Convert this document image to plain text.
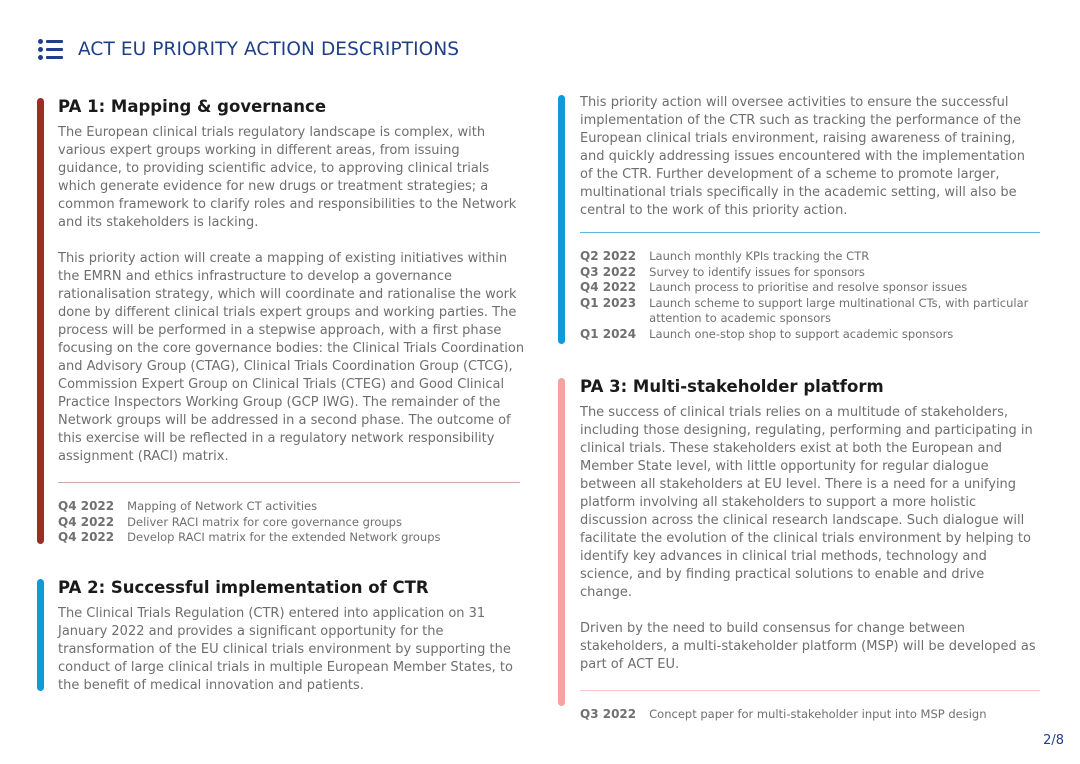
ACT EU PRIORITY ACTION DESCRIPTIONS
PA 1: Mapping & governance

The European clinical trials regulatory landscape is complex, with various expert groups working in different areas, from issuing guidance, to providing scientific advice, to approving clinical trials which generate evidence for new drugs or treatment strategies; a common framework to clarify roles and responsibilities to the Network and its stakeholders is lacking.

This priority action will create a mapping of existing initiatives within the EMRN and ethics infrastructure to develop a governance rationalisation strategy, which will coordinate and rationalise the work done by different clinical trials expert groups and working parties. The process will be performed in a stepwise approach, with a first phase focusing on the core governance bodies: the Clinical Trials Coordination and Advisory Group (CTAG), Clinical Trials Coordination Group (CTCG), Commission Expert Group on Clinical Trials (CTEG) and Good Clinical Practice Inspectors Working Group (GCP IWG). The remainder of the Network groups will be addressed in a second phase. The outcome of this exercise will be reflected in a regulatory network responsibility assignment (RACI) matrix.

Q4 2022	Mapping of Network CT activities
Q4 2022	Deliver RACI matrix for core governance groups
Q4 2022	Develop RACI matrix for the extended Network groups
PA 2: Successful implementation of CTR

The Clinical Trials Regulation (CTR) entered into application on 31 January 2022 and provides a significant opportunity for the transformation of the EU clinical trials environment by supporting the conduct of large clinical trials in multiple European Member States, to the benefit of medical innovation and patients.

This priority action will oversee activities to ensure the successful implementation of the CTR such as tracking the performance of the European clinical trials environment, raising awareness of training, and quickly addressing issues encountered with the implementation of the CTR. Further development of a scheme to promote larger, multinational trials specifically in the academic setting, will also be central to the work of this priority action.

Q2 2022	Launch monthly KPIs tracking the CTR
Q3 2022	Survey to identify issues for sponsors
Q4 2022	Launch process to prioritise and resolve sponsor issues
Q1 2023	Launch scheme to support large multinational CTs, with particular attention to academic sponsors
Q1 2024	Launch one-stop shop to support academic sponsors
PA 3: Multi-stakeholder platform

The success of clinical trials relies on a multitude of stakeholders, including those designing, regulating, performing and participating in clinical trials. These stakeholders exist at both the European and Member State level, with little opportunity for regular dialogue between all stakeholders at EU level. There is a need for a unifying platform involving all stakeholders to support a more holistic discussion across the clinical research landscape. Such dialogue will facilitate the evolution of the clinical trials environment by helping to identify key advances in clinical trial methods, technology and science, and by finding practical solutions to enable and drive change.

Driven by the need to build consensus for change between stakeholders, a multi-stakeholder platform (MSP) will be developed as part of ACT EU.

Q3 2022	Concept paper for multi-stakeholder input into MSP design
2/8
